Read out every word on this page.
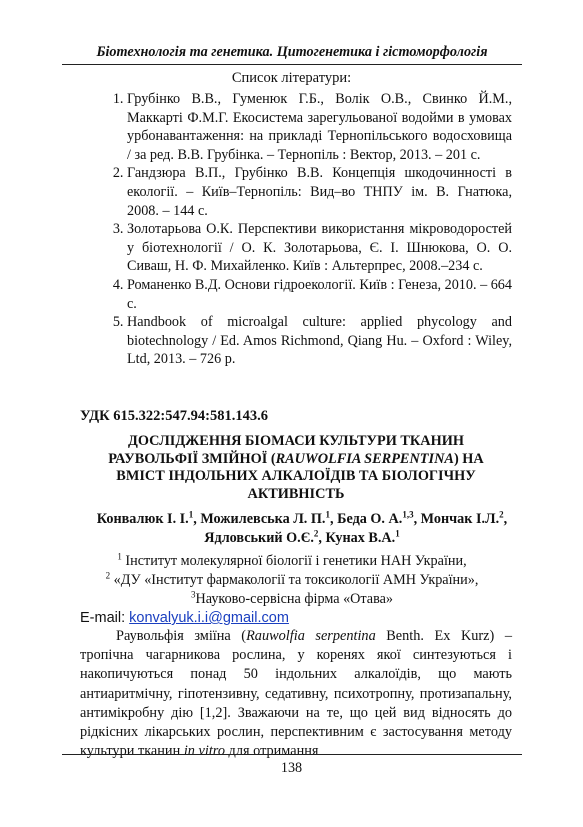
Біотехнологія та генетика. Цитогенетика і гістоморфологія
Список літератури:
1. Грубінко В.В., Гуменюк Г.Б., Волік О.В., Свинко Й.М., Маккарті Ф.М.Г. Екосистема зарегульованої водойми в умовах урбонавантаження: на прикладі Тернопільського водосховища / за ред. В.В. Грубінка. – Тернопіль : Вектор, 2013. – 201 с.
2. Гандзюра В.П., Грубінко В.В. Концепція шкодочинності в екології. – Київ–Тернопіль: Вид–во ТНПУ ім. В. Гнатюка, 2008. – 144 с.
3. Золотарьова О.К. Перспективи використання мікроводоростей у біотехнології / О. К. Золотарьова, Є. І. Шнюкова, О. О. Сиваш, Н. Ф. Михайленко. Київ : Альтерпрес, 2008.–234 с.
4. Романенко В.Д. Основи гідроекології. Київ : Генеза, 2010. – 664 с.
5. Handbook of microalgal culture: applied phycology and biotechnology / Ed. Amos Richmond, Qiang Hu. – Oxford : Wiley, Ltd, 2013. – 726 p.
УДК 615.322:547.94:581.143.6
ДОСЛІДЖЕННЯ БІОМАСИ КУЛЬТУРИ ТКАНИН РАУВОЛЬФІЇ ЗМІЙНОЇ (RAUWOLFIA SERPENTINA) НА ВМІСТ ІНДОЛЬНИХ АЛКАЛОЇДІВ ТА БІОЛОГІЧНУ АКТИВНІСТЬ
Конвалюк І. І.$^1$, Можилевська Л. П.$^1$, Беда О. А.$^{1,3}$, Мончак І.Л.$^2$, Ядловський О.Є.$^2$, Кунах В.А.$^1$
$^1$ Інститут молекулярної біології і генетики НАН України,
$^2$ «ДУ «Інститут фармакології та токсикології АМН України»,
$^3$Науково-сервісна фірма «Отава»
E-mail: konvalyuk.i.i@gmail.com

Раувольфія зміїна (Rauwolfia serpentina Benth. Ex Kurz) – тропічна чагарникова рослина, у коренях якої синтезуються і накопичуються понад 50 індольних алкалоїдів, що мають антиаритмічну, гіпотензивну, седативну, психотропну, протизапальну, антимікробну дію [1,2]. Зважаючи на те, що цей вид відносять до рідкісних лікарських рослин, перспективним є застосування методу культури тканин in vitro для отримання

138
